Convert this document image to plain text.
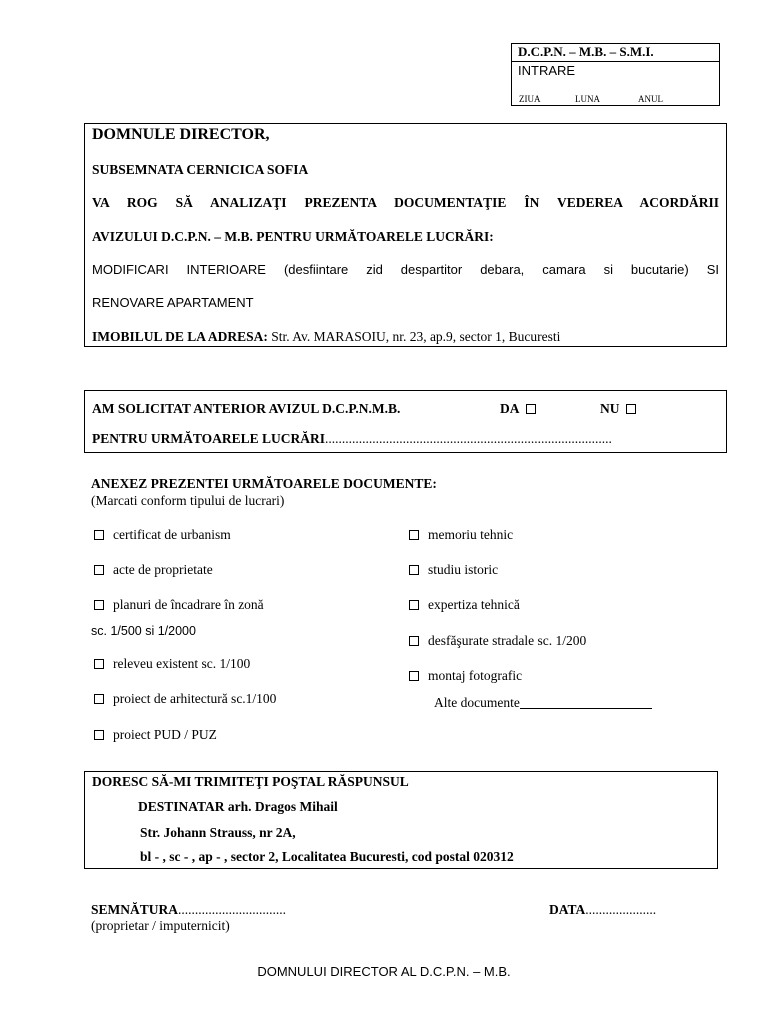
D.C.P.N. – M.B. – S.M.I.
INTRARE
ZIUA	LUNA	ANUL
DOMNULE DIRECTOR,
SUBSEMNATA CERNICICA SOFIA
VA ROG SĂ ANALIZAŢI PREZENTA DOCUMENTAŢIE ÎN VEDEREA ACORDĂRII
AVIZULUI D.C.P.N. – M.B. PENTRU URMĂTOARELE LUCRĂRI:
MODIFICARI INTERIOARE (desfiintare zid despartitor debara, camara si bucutarie) SI
RENOVARE APARTAMENT
IMOBILUL DE LA ADRESA: Str. Av. MARASOIU, nr. 23, ap.9, sector 1, Bucuresti
AM SOLICITAT ANTERIOR AVIZUL D.C.P.N.M.B.	DA	NU
PENTRU URMĂTOARELE LUCRĂRI.....................................................................................
ANEXEZ PREZENTEI URMĂTOARELE DOCUMENTE:
(Marcati conform tipului de lucrari)
certificat de urbanism
acte de proprietate
planuri de încadrare în zonă
sc. 1/500 si 1/2000
releveu existent sc. 1/100
proiect de arhitectură sc.1/100
proiect PUD / PUZ
memoriu tehnic
studiu istoric
expertiza tehnică
desfăşurate stradale sc. 1/200
montaj fotografic
Alte documente
DORESC SĂ-MI TRIMITEŢI POŞTAL RĂSPUNSUL
DESTINATAR arh. Dragos Mihail
Str. Johann Strauss, nr 2A,
bl - , sc - , ap - , sector 2, Localitatea Bucuresti, cod postal 020312
SEMNĂTURA................................
(proprietar / imputernicit)
DATA.....................
DOMNULUI DIRECTOR AL D.C.P.N. – M.B.
